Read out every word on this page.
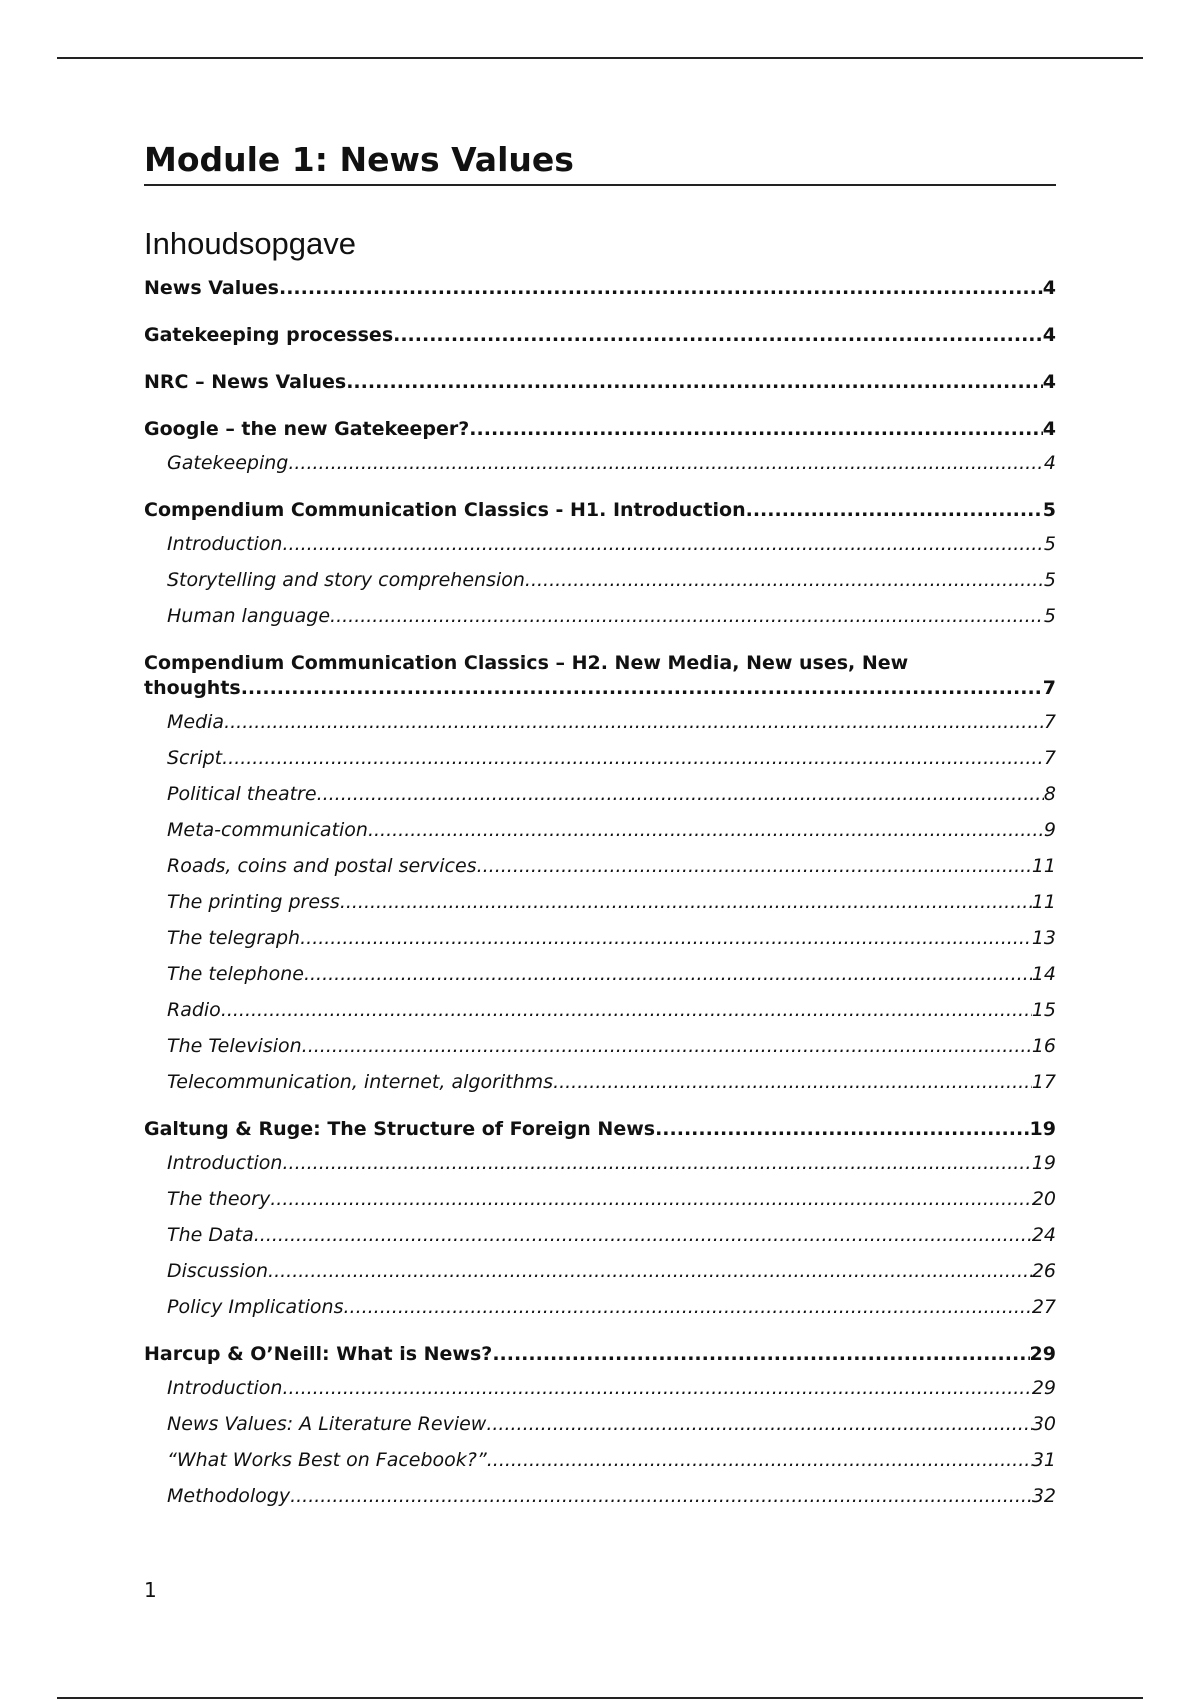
Module 1: News Values
Inhoudsopgave
News Values .....	4
Gatekeeping processes .....	4
NRC – News Values .....	4
Google – the new Gatekeeper? .....	4
Gatekeeping .....	4
Compendium Communication Classics - H1. Introduction .....	5
Introduction .....	5
Storytelling and story comprehension .....	5
Human language .....	5
Compendium Communication Classics – H2. New Media, New uses, New
thoughts .....	7
Media .....	7
Script .....	7
Political theatre .....	8
Meta-communication .....	9
Roads, coins and postal services .....	11
The printing press .....	11
The telegraph .....	13
The telephone .....	14
Radio .....	15
The Television .....	16
Telecommunication, internet, algorithms .....	17
Galtung & Ruge: The Structure of Foreign News .....	19
Introduction .....	19
The theory .....	20
The Data .....	24
Discussion .....	26
Policy Implications .....	27
Harcup & O’Neill: What is News? .....	29
Introduction .....	29
News Values: A Literature Review .....	30
“What Works Best on Facebook?” .....	31
Methodology .....	32
1
